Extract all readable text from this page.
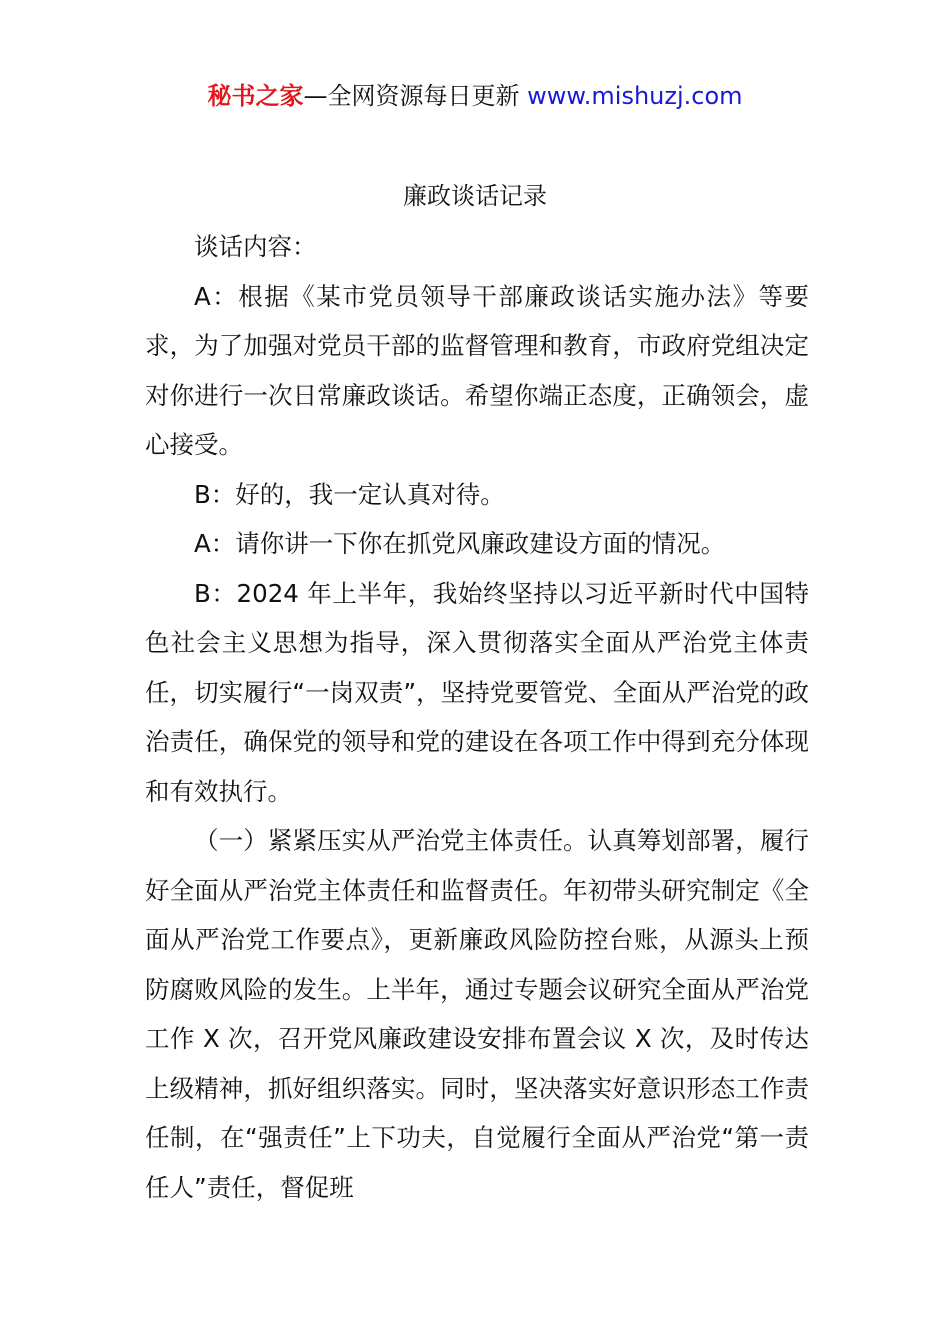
秘书之家—全网资源每日更新 www.mishuzj.com
廉政谈话记录

谈话内容：

A：根据《某市党员领导干部廉政谈话实施办法》等要求，为了加强对党员干部的监督管理和教育，市政府党组决定对你进行一次日常廉政谈话。希望你端正态度，正确领会，虚心接受。

B：好的，我一定认真对待。

A：请你讲一下你在抓党风廉政建设方面的情况。

B：2024 年上半年，我始终坚持以习近平新时代中国特色社会主义思想为指导，深入贯彻落实全面从严治党主体责任，切实履行“一岗双责”，坚持党要管党、全面从严治党的政治责任，确保党的领导和党的建设在各项工作中得到充分体现和有效执行。

（一）紧紧压实从严治党主体责任。认真筹划部署，履行好全面从严治党主体责任和监督责任。年初带头研究制定《全面从严治党工作要点》，更新廉政风险防控台账，从源头上预防腐败风险的发生。上半年，通过专题会议研究全面从严治党工作 X 次，召开党风廉政建设安排布置会议 X 次，及时传达上级精神，抓好组织落实。同时，坚决落实好意识形态工作责任制，在“强责任”上下功夫，自觉履行全面从严治党“第一责任人”责任，督促班
